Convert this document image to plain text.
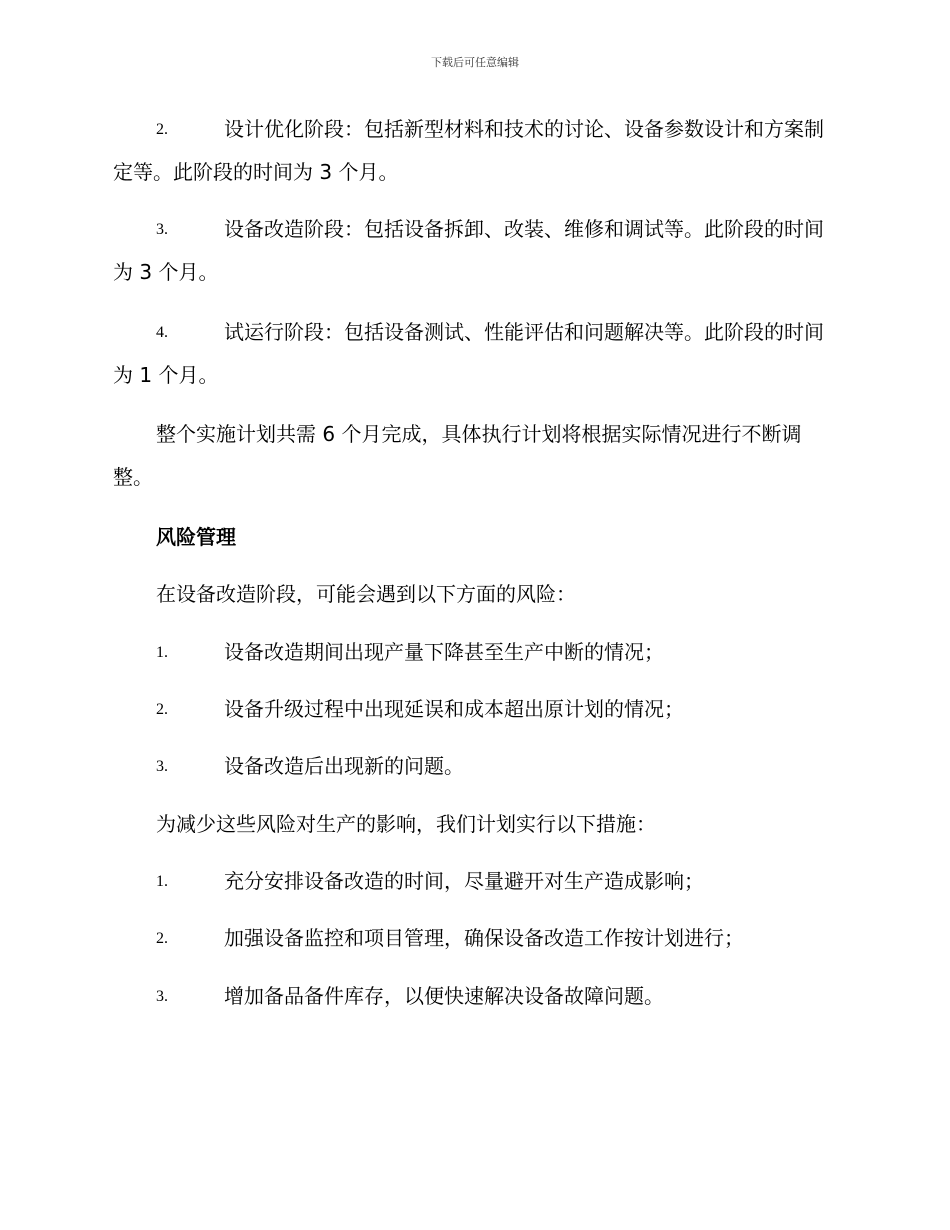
下载后可任意编辑
2.	设计优化阶段：包括新型材料和技术的讨论、设备参数设计和方案制定等。此阶段的时间为 3 个月。
3.	设备改造阶段：包括设备拆卸、改装、维修和调试等。此阶段的时间为 3 个月。
4.	试运行阶段：包括设备测试、性能评估和问题解决等。此阶段的时间为 1 个月。
整个实施计划共需 6 个月完成，具体执行计划将根据实际情况进行不断调整。
风险管理
在设备改造阶段，可能会遇到以下方面的风险：
1.	设备改造期间出现产量下降甚至生产中断的情况；
2.	设备升级过程中出现延误和成本超出原计划的情况；
3.	设备改造后出现新的问题。
为减少这些风险对生产的影响，我们计划实行以下措施：
1.	充分安排设备改造的时间，尽量避开对生产造成影响；
2.	加强设备监控和项目管理，确保设备改造工作按计划进行；
3.	增加备品备件库存，以便快速解决设备故障问题。
